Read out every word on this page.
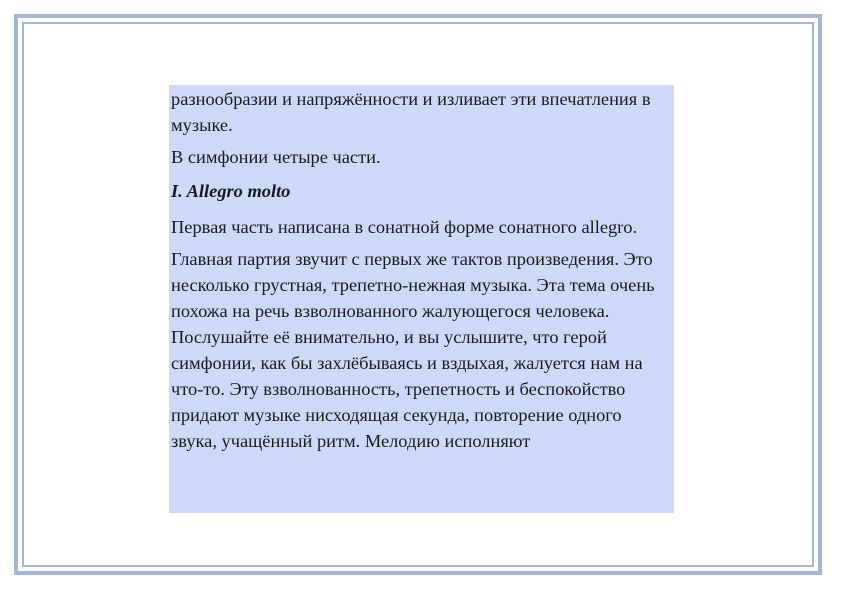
разнообразии и напряжённости и изливает эти впечатления в музыке.

В симфонии четыре части.

I. Allegro molto

Первая часть написана в сонатной форме сонатного allegro.

Главная партия звучит с первых же тактов произведения. Это несколько грустная, трепетно-нежная музыка. Эта тема очень похожа на речь взволнованного жалующегося человека. Послушайте её внимательно, и вы услышите, что герой симфонии, как бы захлёбываясь и вздыхая, жалуется нам на что-то. Эту взволнованность, трепетность и беспокойство придают музыке нисходящая секунда, повторение одного звука, учащённый ритм. Мелодию исполняют
